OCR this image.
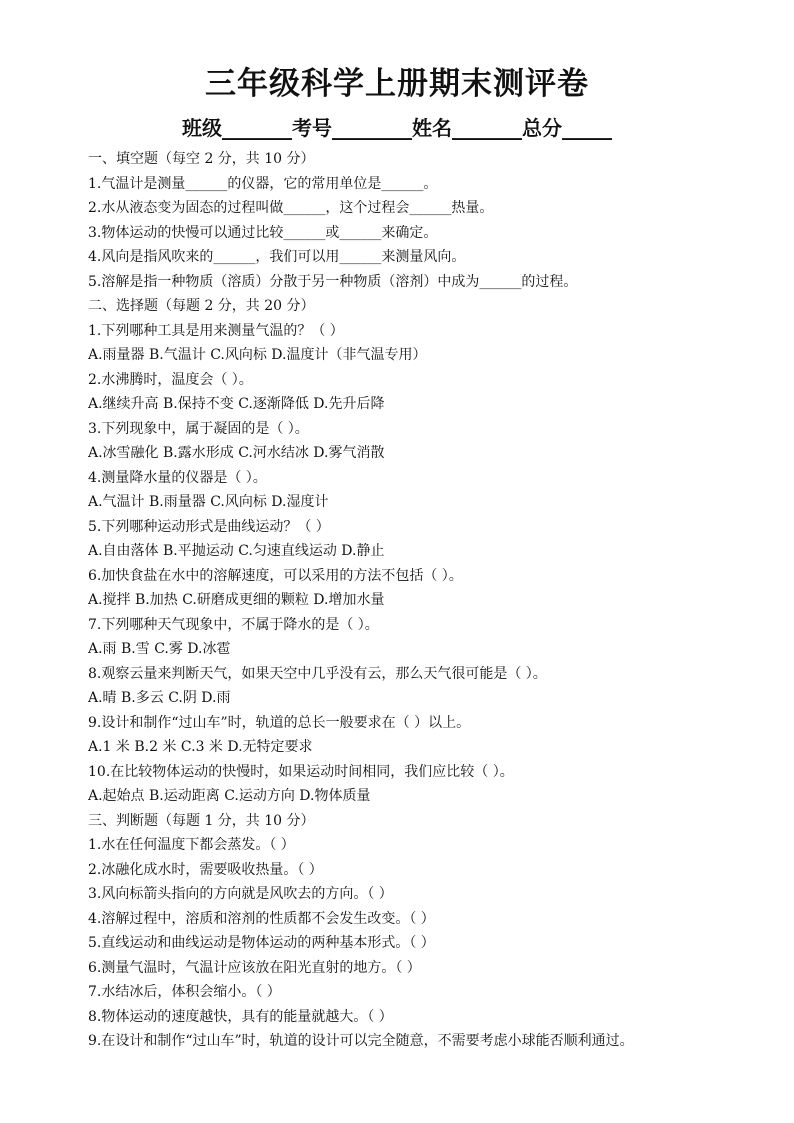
三年级科学上册期末测评卷
班级_______考号________姓名_______总分_____
一、填空题（每空 2 分，共 10 分）
1.气温计是测量______的仪器，它的常用单位是______。
2.水从液态变为固态的过程叫做______，这个过程会______热量。
3.物体运动的快慢可以通过比较______或______来确定。
4.风向是指风吹来的______，我们可以用______来测量风向。
5.溶解是指一种物质（溶质）分散于另一种物质（溶剂）中成为______的过程。
二、选择题（每题 2 分，共 20 分）
1.下列哪种工具是用来测量气温的？（ ）
A.雨量器 B.气温计 C.风向标 D.温度计（非气温专用）
2.水沸腾时，温度会（ ）。
A.继续升高 B.保持不变 C.逐渐降低 D.先升后降
3.下列现象中，属于凝固的是（ ）。
A.冰雪融化 B.露水形成 C.河水结冰 D.雾气消散
4.测量降水量的仪器是（ ）。
A.气温计 B.雨量器 C.风向标 D.湿度计
5.下列哪种运动形式是曲线运动？（ ）
A.自由落体 B.平抛运动 C.匀速直线运动 D.静止
6.加快食盐在水中的溶解速度，可以采用的方法不包括（ ）。
A.搅拌 B.加热 C.研磨成更细的颗粒 D.增加水量
7.下列哪种天气现象中，不属于降水的是（ ）。
A.雨 B.雪 C.雾 D.冰雹
8.观察云量来判断天气，如果天空中几乎没有云，那么天气很可能是（ ）。
A.晴 B.多云 C.阴 D.雨
9.设计和制作“过山车”时，轨道的总长一般要求在（ ）以上。
A.1 米 B.2 米 C.3 米 D.无特定要求
10.在比较物体运动的快慢时，如果运动时间相同，我们应比较（ ）。
A.起始点 B.运动距离 C.运动方向 D.物体质量
三、判断题（每题 1 分，共 10 分）
1.水在任何温度下都会蒸发。（ ）
2.冰融化成水时，需要吸收热量。（ ）
3.风向标箭头指向的方向就是风吹去的方向。（ ）
4.溶解过程中，溶质和溶剂的性质都不会发生改变。（ ）
5.直线运动和曲线运动是物体运动的两种基本形式。（ ）
6.测量气温时，气温计应该放在阳光直射的地方。（ ）
7.水结冰后，体积会缩小。（ ）
8.物体运动的速度越快，具有的能量就越大。（ ）
9.在设计和制作“过山车”时，轨道的设计可以完全随意，不需要考虑小球能否顺利通过。
